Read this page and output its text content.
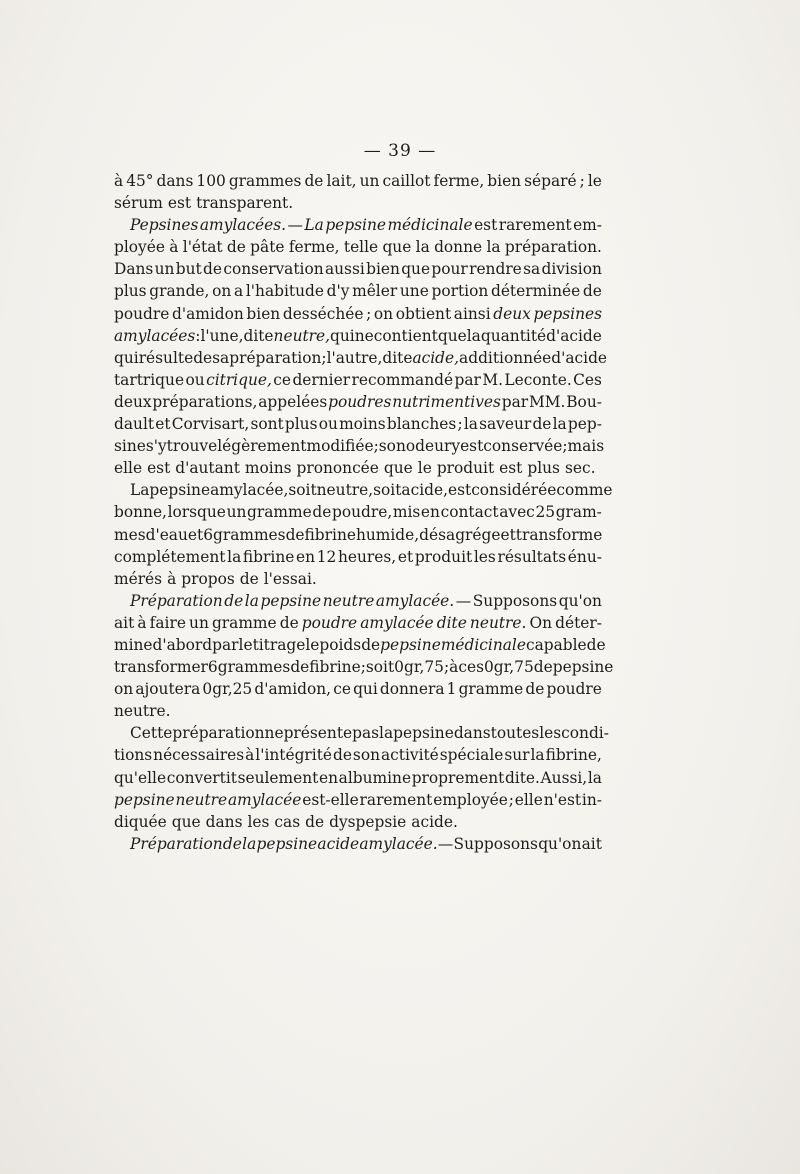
— 39 —
à 45° dans 100 grammes de lait, un caillot ferme, bien séparé ; le
sérum est transparent.
Pepsines amylacées. — La pepsine médicinale est rarement em-
ployée à l'état de pâte ferme, telle que la donne la préparation.
Dans un but de conservation aussi bien que pour rendre sa division
plus grande, on a l'habitude d'y mêler une portion déterminée de
poudre d'amidon bien desséchée ; on obtient ainsi deux pepsines
amylacées : l'une, dite neutre, qui ne contient que la quantité d'acide
qui résulte de sa préparation ; l'autre, dite acide, additionnée d'acide
tartrique ou citrique, ce dernier recommandé par M. Leconte. Ces
deux préparations, appelées poudres nutrimentives par MM. Bou-
dault et Corvisart, sont plus ou moins blanches ; la saveur de la pep-
sine s'y trouve légèrement modifiée ; son odeur y est conservée ; mais
elle est d'autant moins prononcée que le produit est plus sec.
La pepsine amylacée, soit neutre, soit acide, est considérée comme
bonne, lorsque un gramme de poudre, mis en contact avec 25 gram-
mes d'eau et 6 grammes de fibrine humide, désagrége et transforme
complétement la fibrine en 12 heures, et produit les résultats énu-
mérés à propos de l'essai.
Préparation de la pepsine neutre amylacée. — Supposons qu'on
ait à faire un gramme de poudre amylacée dite neutre. On déter-
mine d'abord par le titrage le poids de pepsine médicinale capable de
transformer 6 grammes de fibrine ; soit 0gr,75 ; à ces 0gr,75 de pepsine
on ajoutera 0gr,25 d'amidon, ce qui donnera 1 gramme de poudre
neutre.
Cette préparation ne présente pas la pepsine dans toutes les condi-
tions nécessaires à l'intégrité de son activité spéciale sur la fibrine,
qu'elle convertit seulement en albumine proprement dite. Aussi, la
pepsine neutre amylacée est-elle rarement employée ; elle n'est in-
diquée que dans les cas de dyspepsie acide.
Préparation de la pepsine acide amylacée. — Supposons qu'on ait
